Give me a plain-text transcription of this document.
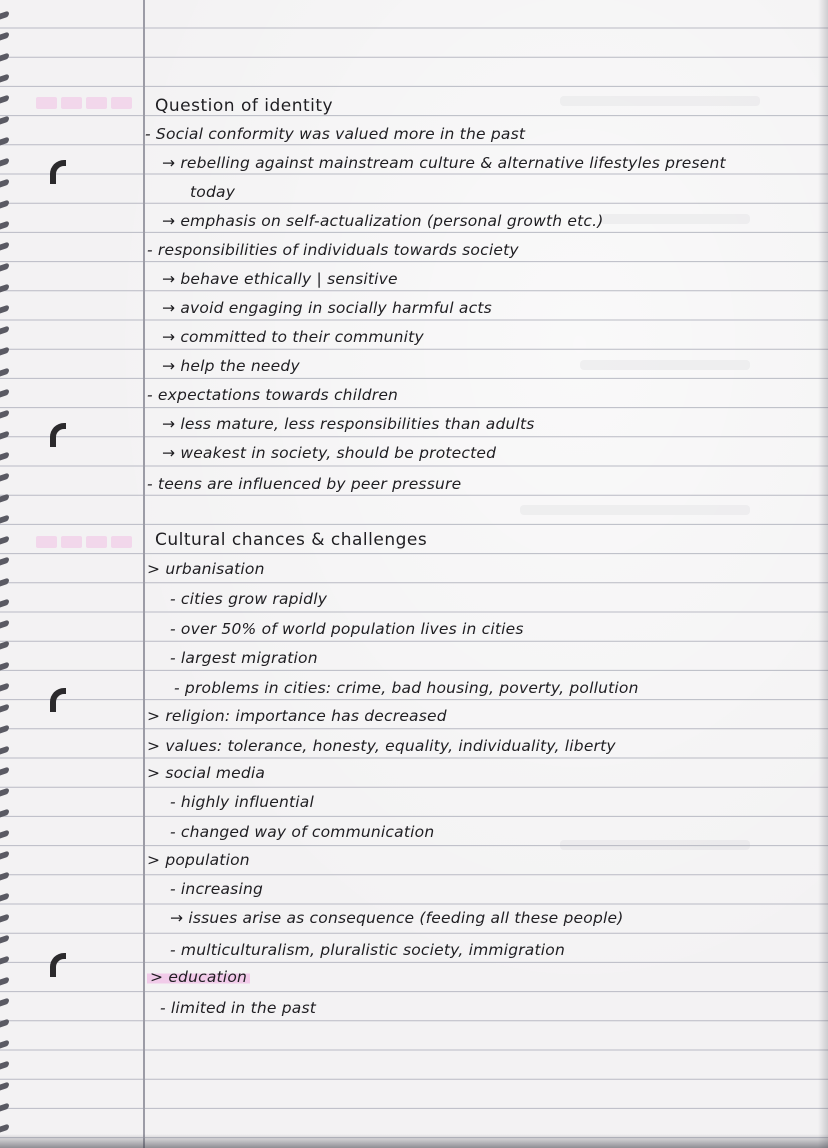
Question of identity
- Social conformity was valued more in the past
→ rebelling against mainstream culture & alternative lifestyles present
today
→ emphasis on self-actualization (personal growth etc.)
- responsibilities of individuals towards society
→ behave ethically | sensitive
→ avoid engaging in socially harmful acts
→ committed to their community
→ help the needy
- expectations towards children
→ less mature, less responsibilities than adults
→ weakest in society, should be protected
- teens are influenced by peer pressure
Cultural chances & challenges
> urbanisation
- cities grow rapidly
- over 50% of world population lives in cities
- largest migration
- problems in cities: crime, bad housing, poverty, pollution
> religion: importance has decreased
> values: tolerance, honesty, equality, individuality, liberty
> social media
- highly influential
- changed way of communication
> population
- increasing
→ issues arise as consequence (feeding all these people)
- multiculturalism, pluralistic society, immigration
> education
- limited in the past
